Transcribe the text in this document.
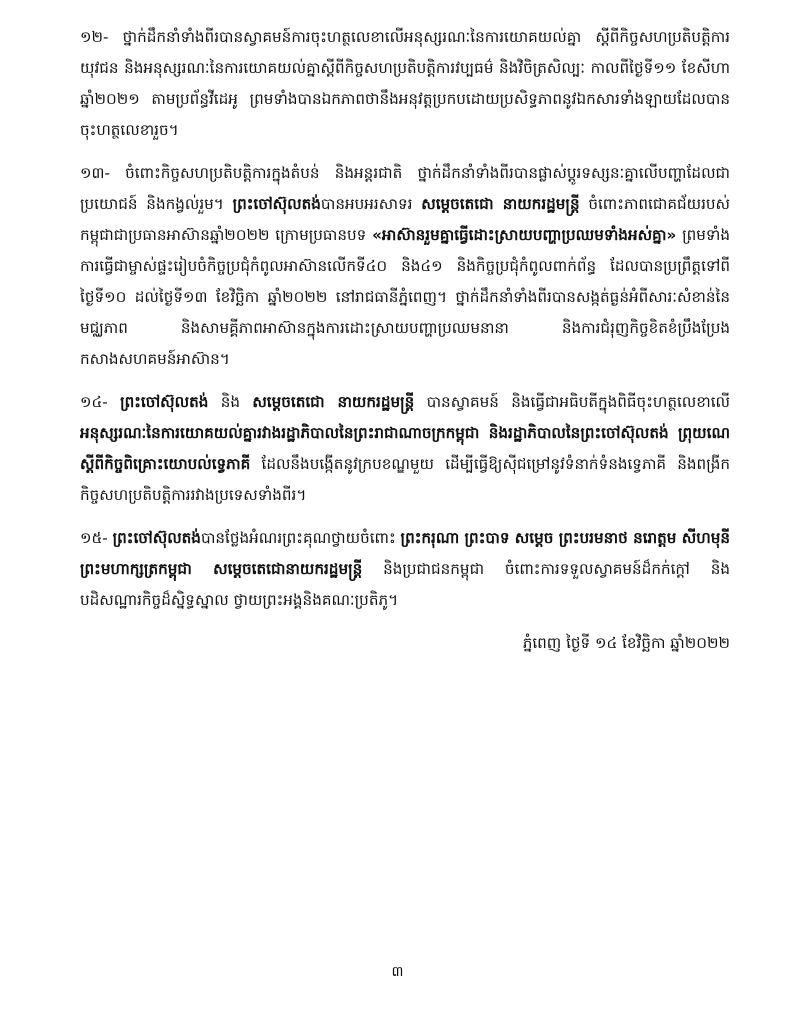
១២- ថ្នាក់ដឹកនាំទាំងពីរបានស្វាគមន៍ការចុះហត្ថលេខាលើអនុស្សរណៈនៃការយោគយល់គ្នា ស្ដីពីកិច្ចសហប្រតិបត្តិការយុវជន និងអនុស្សរណៈនៃការយោគយល់គ្នាស្ដីពីកិច្ចសហប្រតិបត្តិការវប្បធម៌ និងវិចិត្រសិល្បៈ កាលពីថ្ងៃទី១១ ខែសីហា ឆ្នាំ២០២១ តាមប្រព័ន្ធវីដេអូ ព្រមទាំងបានឯកភាពថានឹងអនុវត្តប្រកបដោយប្រសិទ្ធភាពនូវឯកសារទាំងឡាយដែលបានចុះហត្ថលេខារួច។

១៣- ចំពោះកិច្ចសហប្រតិបត្តិការក្នុងតំបន់ និងអន្តរជាតិ ថ្នាក់ដឹកនាំទាំងពីរបានផ្លាស់ប្ដូរទស្សនៈគ្នាលើបញ្ហាដែលជាប្រយោជន៍ និងកង្វល់រួម។ ព្រះចៅស៊ុលតង់បានអបអរសាទរ សម្ដេចតេជោ នាយករដ្ឋមន្ត្រី ចំពោះភាពជោគជ័យរបស់កម្ពុជាជាប្រធានអាស៊ានឆ្នាំ២០២២ ក្រោមប្រធានបទ «អាស៊ានរួមគ្នាធ្វើដោះស្រាយបញ្ហាប្រឈមទាំងអស់គ្នា» ព្រមទាំងការធ្វើជាម្ចាស់ផ្ទះរៀបចំកិច្ចប្រជុំកំពូលអាស៊ានលើកទី៤០ និង៤១ និងកិច្ចប្រជុំកំពូលពាក់ព័ន្ធ ដែលបានប្រព្រឹត្តទៅពីថ្ងៃទី១០ ដល់ថ្ងៃទី១៣ ខែវិច្ឆិកា ឆ្នាំ២០២២ នៅរាជធានីភ្នំពេញ។ ថ្នាក់ដឹកនាំទាំងពីរបានសង្កត់ធ្ងន់អំពីសារៈសំខាន់នៃមជ្ឈភាព និងសាមគ្គីភាពអាស៊ានក្នុងការដោះស្រាយបញ្ហាប្រឈមនានា និងការជំរុញកិច្ចខិតខំប្រឹងប្រែងកសាងសហគមន៍អាស៊ាន។

១៤- ព្រះចៅស៊ុលតង់ និង សម្ដេចតេជោ នាយករដ្ឋមន្ត្រី បានស្វាគមន៍ និងធ្វើជាអធិបតីក្នុងពិធីចុះហត្ថលេខាលើ អនុស្សរណៈនៃការយោគយល់គ្នារវាងរដ្ឋាភិបាលនៃព្រះរាជាណាចក្រកម្ពុជា និងរដ្ឋាភិបាលនៃព្រះចៅស៊ុលតង់ ព្រុយណេ ស្ដីពីកិច្ចពិគ្រោះយោបល់ទ្វេភាគី ដែលនឹងបង្កើតនូវក្របខណ្ឌមួយ ដើម្បីធ្វើឱ្យស៊ីជម្រៅនូវទំនាក់ទំនងទ្វេភាគី និងពង្រីកកិច្ចសហប្រតិបត្តិការរវាងប្រទេសទាំងពីរ។

១៥- ព្រះចៅស៊ុលតង់បានថ្លែងអំណរព្រះគុណថ្វាយចំពោះ ព្រះករុណា ព្រះបាទ សម្ដេច ព្រះបរមនាថ នរោត្តម សីហមុនី ព្រះមហាក្សត្រកម្ពុជា សម្ដេចតេជោនាយករដ្ឋមន្ត្រី និងប្រជាជនកម្ពុជា ចំពោះការទទួលស្វាគមន៍ដ៏កក់ក្ដៅ និងបដិសណ្ឋារកិច្ចដ៏ស្និទ្ធស្នាល ថ្វាយព្រះអង្គនិងគណៈប្រតិភូ។

ភ្នំពេញ ថ្ងៃទី ១៤ ខែវិច្ឆិកា ឆ្នាំ២០២២
៣
